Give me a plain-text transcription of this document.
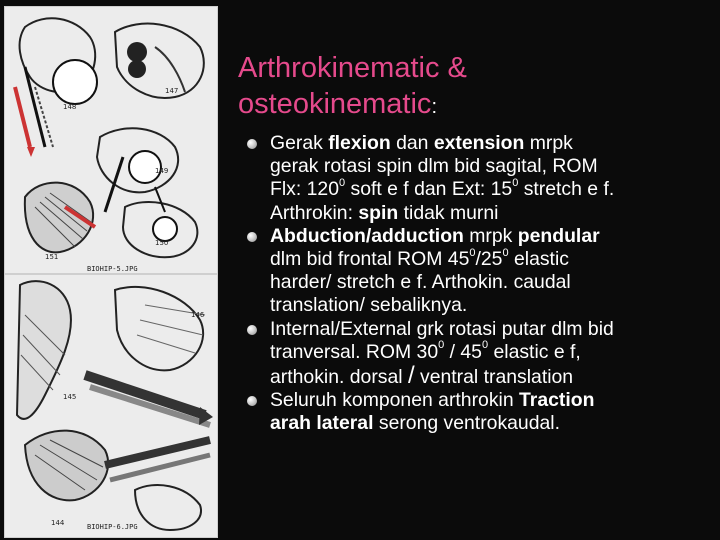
148
147
149
150
151
BIOHIP-5.JPG
146
145
144	BIOHIP-6.JPG
Arthrokinematic &
osteokinematic:

Gerak flexion dan extension mrpk

gerak rotasi spin dlm bid sagital, ROM

Flx: $120^0$ soft e f dan Ext: $15^0$ stretch e f.

Arthrokin: spin tidak murni

Abduction/adduction mrpk pendular

dlm bid frontal ROM $45^0/25^0$ elastic

harder/ stretch e f. Arthokin. caudal

translation/ sebaliknya.

Internal/External grk rotasi putar dlm bid

tranversal. ROM $30^0 / 45^0$ elastic e f,

arthokin. dorsal / ventral translation

Seluruh komponen arthrokin Traction

arah lateral serong ventrokaudal.
